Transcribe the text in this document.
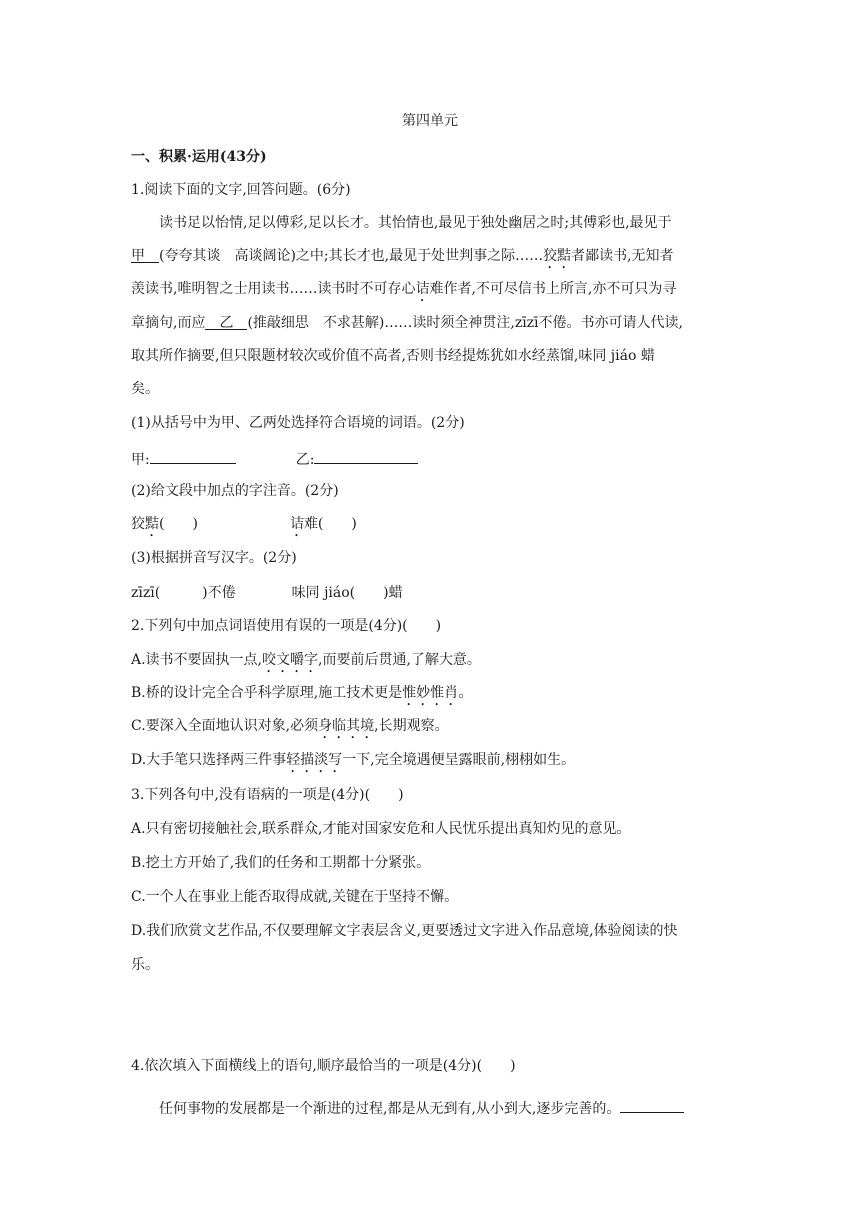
第四单元
一、积累·运用(43分)
1.阅读下面的文字,回答问题。(6分)
读书足以怡情,足以傅彩,足以长才。其怡情也,最见于独处幽居之时;其傅彩也,最见于
甲 (夸夸其谈　高谈阔论)之中;其长才也,最见于处世判事之际……狡黠者鄙读书,无知者
羡读书,唯明智之士用读书……读书时不可存心诘难作者,不可尽信书上所言,亦不可只为寻
章摘句,而应 乙 (推敲细思　不求甚解)……读时须全神贯注,zīzī不倦。书亦可请人代读,
取其所作摘要,但只限题材较次或价值不高者,否则书经提炼犹如水经蒸馏,味同 jiáo 蜡
矣。
(1)从括号中为甲、乙两处选择符合语境的词语。(2分)
甲:	乙:
(2)给文段中加点的字注音。(2分)
狡黠(　　)	诘难(　　)
(3)根据拼音写汉字。(2分)
zīzī(　　　)不倦	味同 jiáo(　　)蜡
2.下列句中加点词语使用有误的一项是(4分)(　　)
A.读书不要固执一点,咬文嚼字,而要前后贯通,了解大意。
B.桥的设计完全合乎科学原理,施工技术更是惟妙惟肖。
C.要深入全面地认识对象,必须身临其境,长期观察。
D.大手笔只选择两三件事轻描淡写一下,完全境遇便呈露眼前,栩栩如生。
3.下列各句中,没有语病的一项是(4分)(　　)
A.只有密切接触社会,联系群众,才能对国家安危和人民忧乐提出真知灼见的意见。
B.挖土方开始了,我们的任务和工期都十分紧张。
C.一个人在事业上能否取得成就,关键在于坚持不懈。
D.我们欣赏文艺作品,不仅要理解文字表层含义,更要透过文字进入作品意境,体验阅读的快
乐。
4.依次填入下面横线上的语句,顺序最恰当的一项是(4分)(　　)
任何事物的发展都是一个渐进的过程,都是从无到有,从小到大,逐步完善的。
